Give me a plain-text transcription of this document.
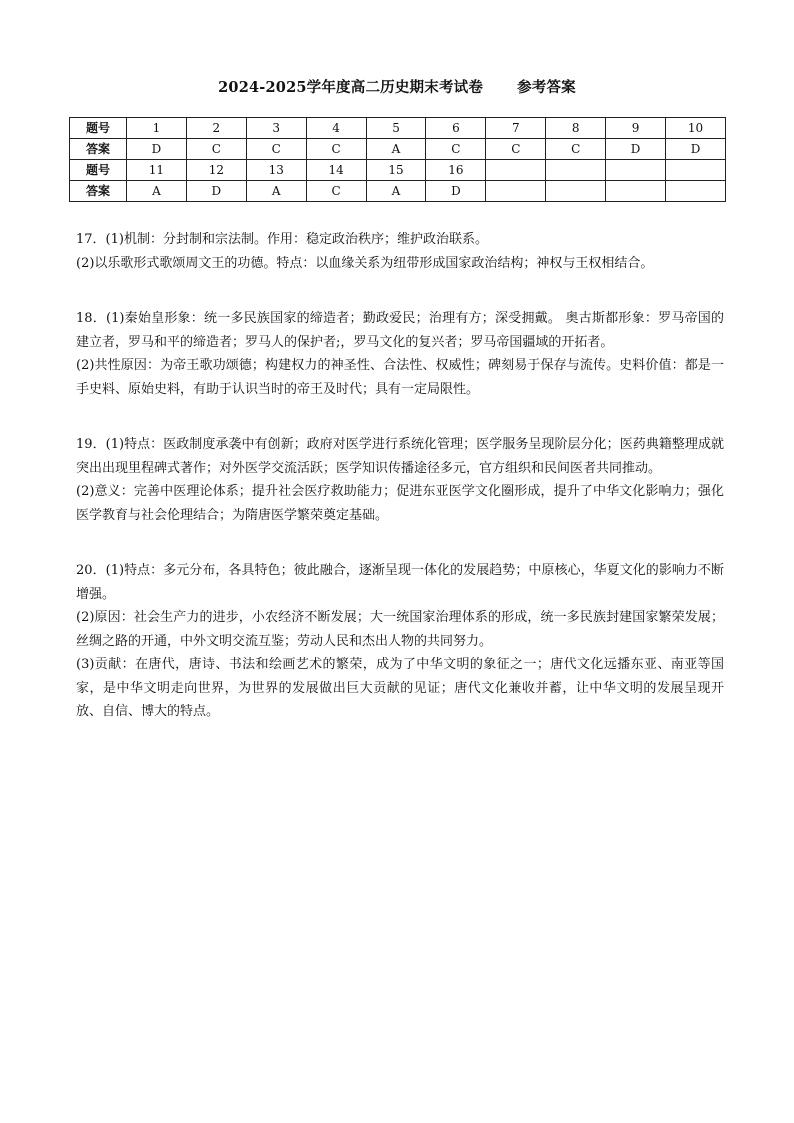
2024-2025学年度高二历史期末考试卷 参考答案
题号	1	2	3	4	5	6	7	8	9	10
答案	D	C	C	C	A	C	C	C	D	D
题号	11	12	13	14	15	16				
答案	A	D	A	C	A	D				

17．(1)机制：分封制和宗法制。作用：稳定政治秩序；维护政治联系。

(2)以乐歌形式歌颂周文王的功德。特点：以血缘关系为纽带形成国家政治结构；神权与王权相结合。

18．(1)秦始皇形象：统一多民族国家的缔造者；勤政爱民；治理有方；深受拥戴。 奥古斯都形象：罗马帝国的建立者，罗马和平的缔造者；罗马人的保护者;，罗马文化的复兴者；罗马帝国疆域的开拓者。

(2)共性原因：为帝王歌功颂德；构建权力的神圣性、合法性、权威性；碑刻易于保存与流传。史料价值：都是一手史料、原始史料，有助于认识当时的帝王及时代；具有一定局限性。

19．(1)特点：医政制度承袭中有创新；政府对医学进行系统化管理；医学服务呈现阶层分化；医药典籍整理成就突出出现里程碑式著作；对外医学交流活跃；医学知识传播途径多元，官方组织和民间医者共同推动。

(2)意义：完善中医理论体系；提升社会医疗救助能力；促进东亚医学文化圈形成，提升了中华文化影响力；强化医学教育与社会伦理结合；为隋唐医学繁荣奠定基础。

20．(1)特点：多元分布，各具特色；彼此融合，逐渐呈现一体化的发展趋势；中原核心，华夏文化的影响力不断增强。

(2)原因：社会生产力的进步，小农经济不断发展；大一统国家治理体系的形成，统一多民族封建国家繁荣发展；丝绸之路的开通，中外文明交流互鉴；劳动人民和杰出人物的共同努力。

(3)贡献：在唐代，唐诗、书法和绘画艺术的繁荣，成为了中华文明的象征之一；唐代文化远播东亚、南亚等国家，是中华文明走向世界，为世界的发展做出巨大贡献的见证；唐代文化兼收并蓄，让中华文明的发展呈现开放、自信、博大的特点。
